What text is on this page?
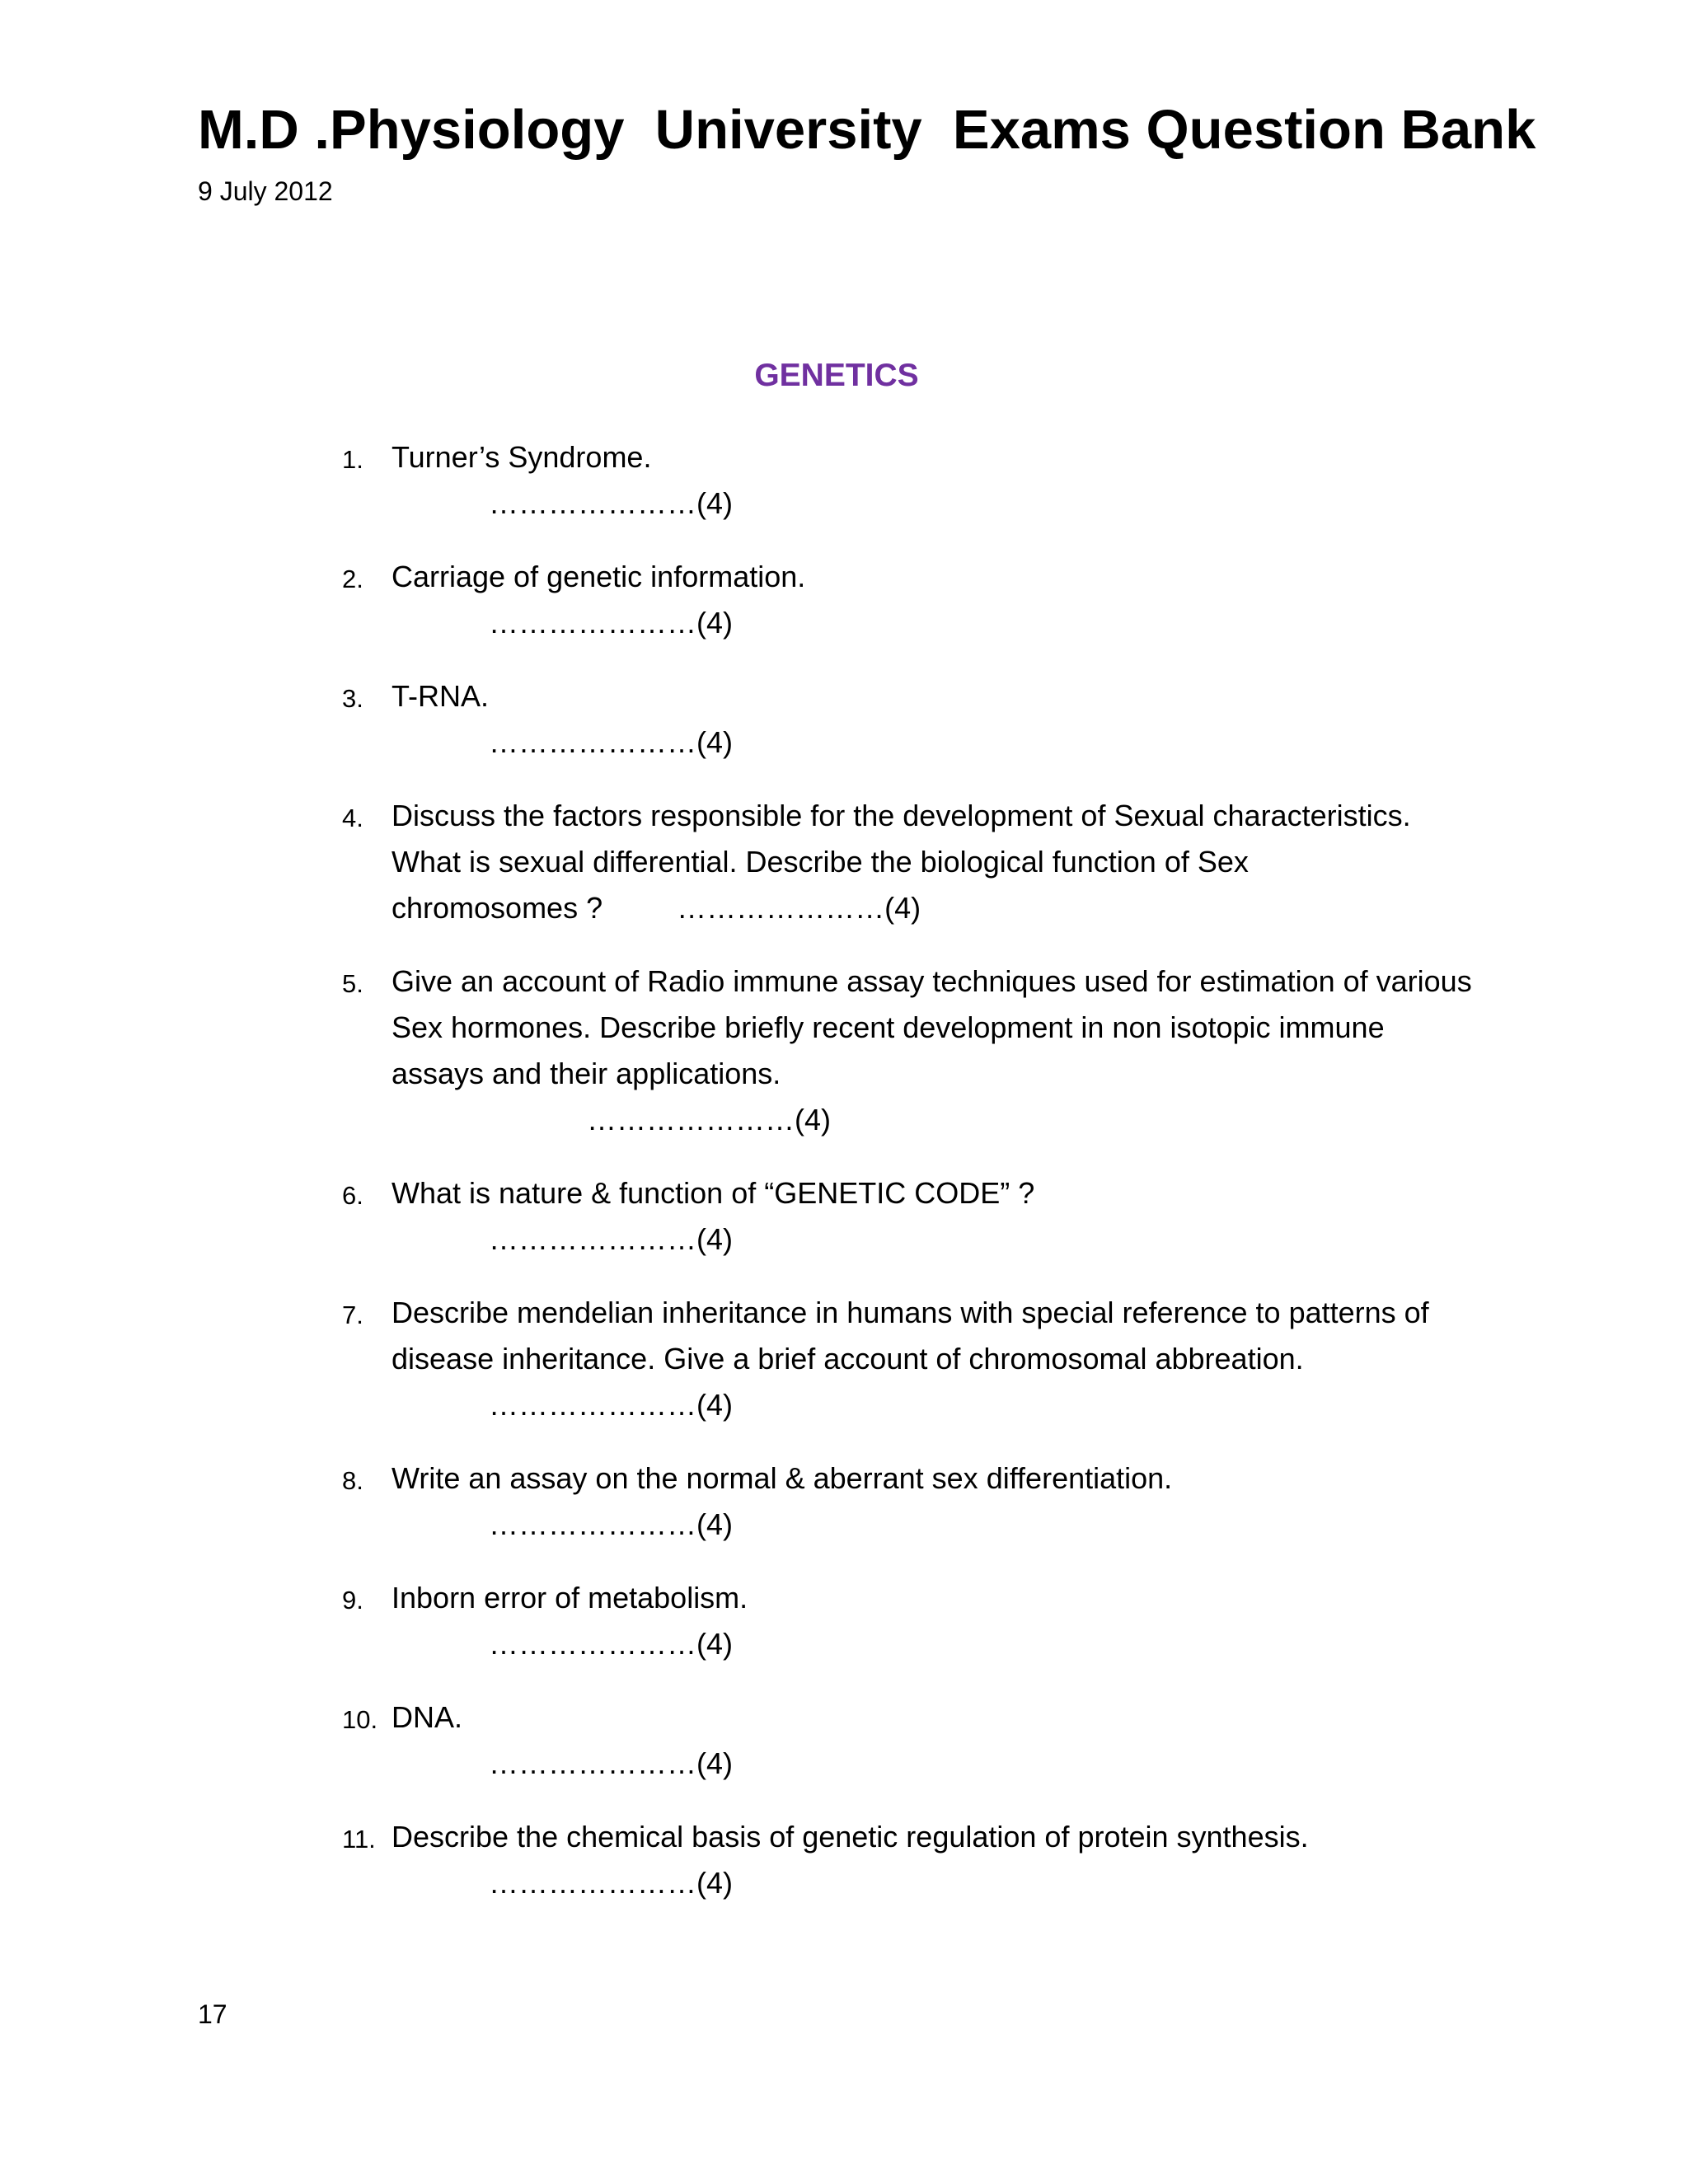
M.D .Physiology  University  Exams Question Bank
9 July 2012
GENETICS
1. Turner’s Syndrome.
…………………(4)
2. Carriage of genetic information.
…………………(4)
3. T-RNA.
…………………(4)
4. Discuss the factors responsible for the development of Sexual characteristics.
What is sexual differential. Describe the biological function of Sex
chromosomes ?	…………………(4)
5. Give an account of Radio immune assay techniques used for estimation of various
Sex hormones. Describe briefly recent development in non isotopic immune
assays and their applications.
…………………(4)
6. What is nature & function of “GENETIC CODE” ?
…………………(4)
7. Describe mendelian inheritance in humans with special reference to patterns of
disease inheritance. Give a brief account of chromosomal abbreation.
…………………(4)
8. Write an assay on the normal & aberrant sex differentiation.
…………………(4)
9. Inborn error of metabolism.
…………………(4)
10. DNA.
…………………(4)
11. Describe the chemical basis of genetic regulation of protein synthesis.
…………………(4)
17
